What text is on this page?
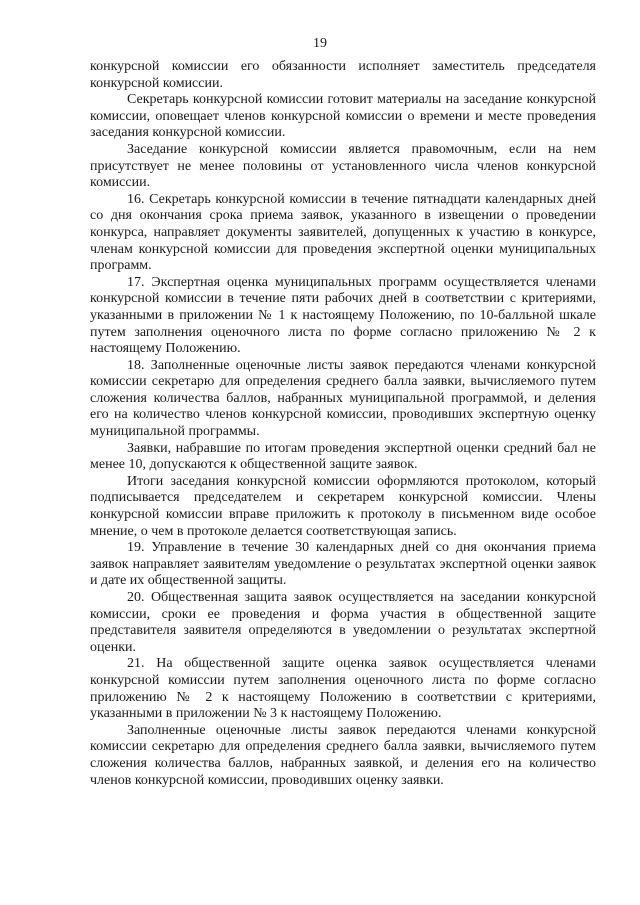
19

конкурсной комиссии его обязанности исполняет заместитель председателя конкурсной комиссии.

Секретарь конкурсной комиссии готовит материалы на заседание конкурсной комиссии, оповещает членов конкурсной комиссии о времени и месте проведения заседания конкурсной комиссии.

Заседание конкурсной комиссии является правомочным, если на нем присутствует не менее половины от установленного числа членов конкурсной комиссии.

16. Секретарь конкурсной комиссии в течение пятнадцати календарных дней со дня окончания срока приема заявок, указанного в извещении о проведении конкурса, направляет документы заявителей, допущенных к участию в конкурсе, членам конкурсной комиссии для проведения экспертной оценки муниципальных программ.

17. Экспертная оценка муниципальных программ осуществляется членами конкурсной комиссии в течение пяти рабочих дней в соответствии с критериями, указанными в приложении № 1 к настоящему Положению, по 10-балльной шкале путем заполнения оценочного листа по форме согласно приложению № 2 к настоящему Положению.

18. Заполненные оценочные листы заявок передаются членами конкурсной комиссии секретарю для определения среднего балла заявки, вычисляемого путем сложения количества баллов, набранных муниципальной программой, и деления его на количество членов конкурсной комиссии, проводивших экспертную оценку муниципальной программы.

Заявки, набравшие по итогам проведения экспертной оценки средний бал не менее 10, допускаются к общественной защите заявок.

Итоги заседания конкурсной комиссии оформляются протоколом, который подписывается председателем и секретарем конкурсной комиссии. Члены конкурсной комиссии вправе приложить к протоколу в письменном виде особое мнение, о чем в протоколе делается соответствующая запись.

19. Управление в течение 30 календарных дней со дня окончания приема заявок направляет заявителям уведомление о результатах экспертной оценки заявок и дате их общественной защиты.

20. Общественная защита заявок осуществляется на заседании конкурсной комиссии, сроки ее проведения и форма участия в общественной защите представителя заявителя определяются в уведомлении о результатах экспертной оценки.

21. На общественной защите оценка заявок осуществляется членами конкурсной комиссии путем заполнения оценочного листа по форме согласно приложению № 2 к настоящему Положению в соответствии с критериями, указанными в приложении № 3 к настоящему Положению.

Заполненные оценочные листы заявок передаются членами конкурсной комиссии секретарю для определения среднего балла заявки, вычисляемого путем сложения количества баллов, набранных заявкой, и деления его на количество членов конкурсной комиссии, проводивших оценку заявки.
